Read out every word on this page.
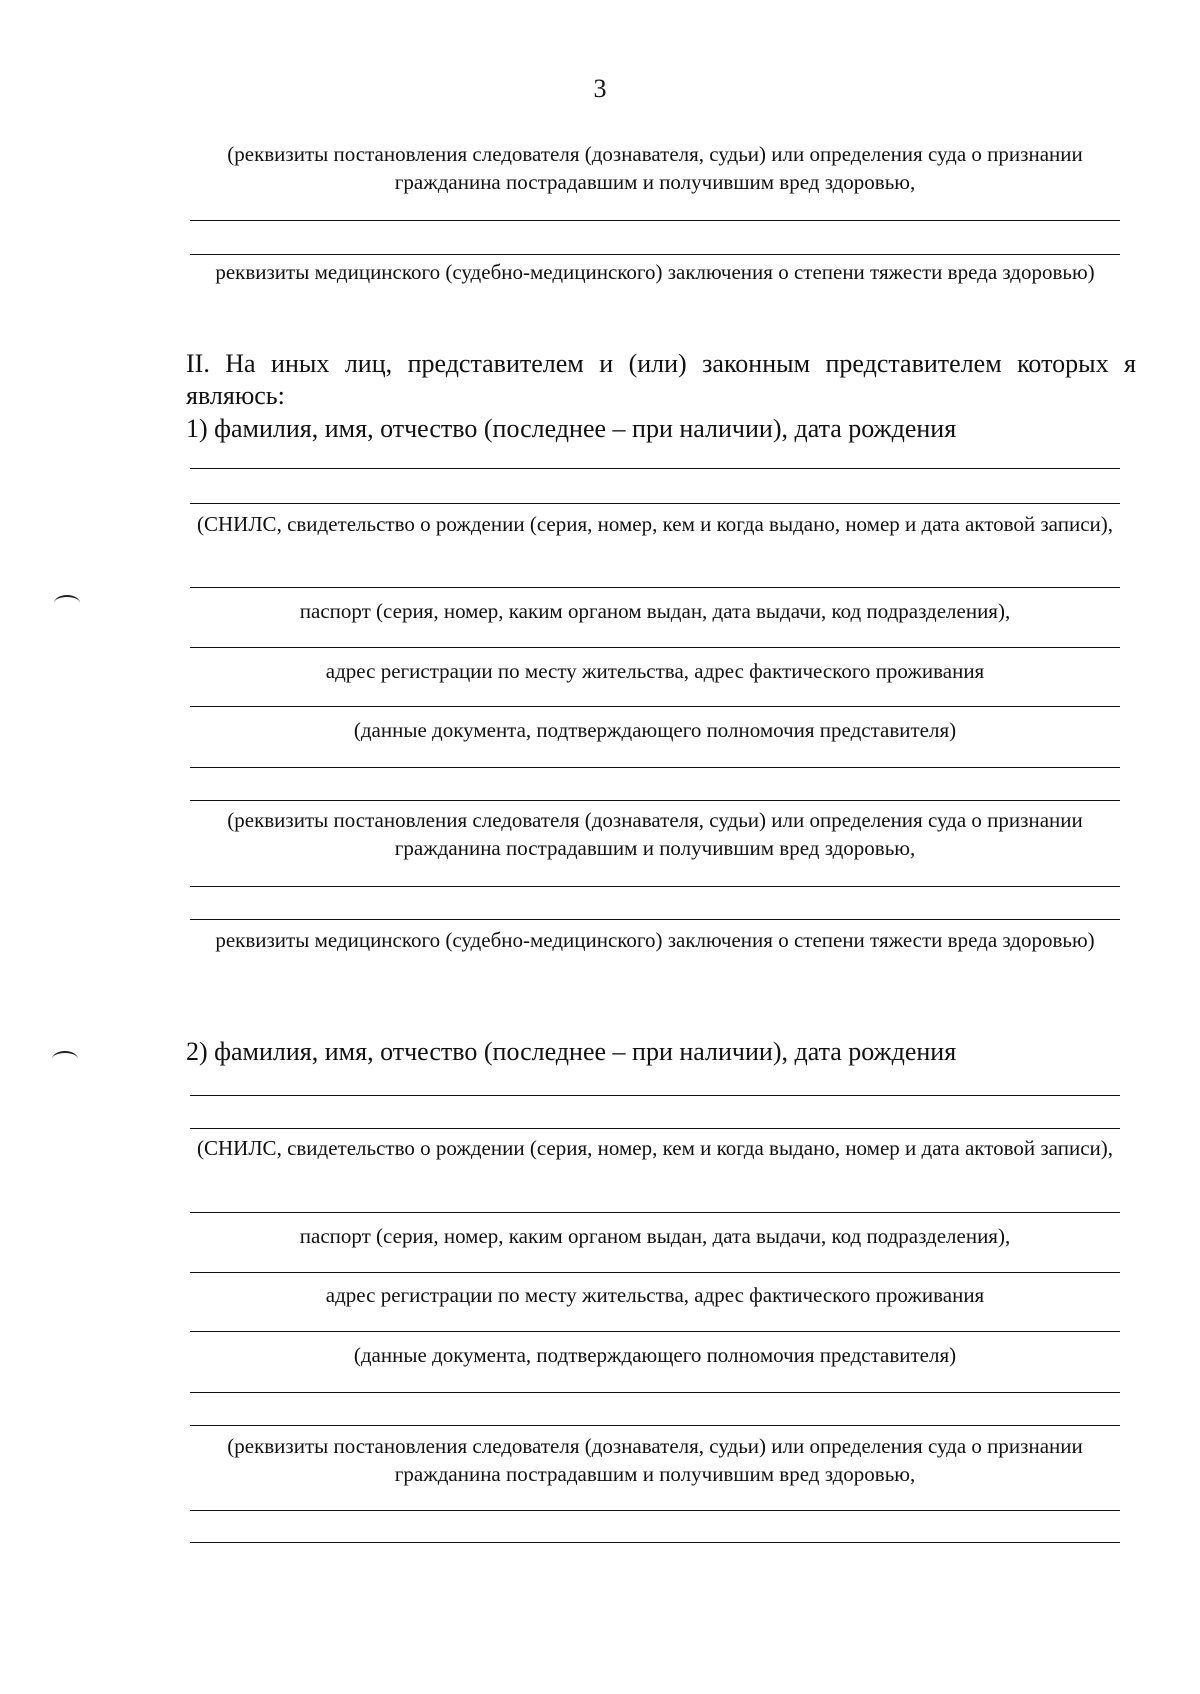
3
(реквизиты постановления следователя (дознавателя, судьи) или определения суда о признании гражданина пострадавшим и получившим вред здоровью,
реквизиты медицинского (судебно-медицинского) заключения о степени тяжести вреда здоровью)
II. На иных лиц, представителем и (или) законным представителем которых я являюсь:
1) фамилия, имя, отчество (последнее – при наличии), дата рождения
(СНИЛС, свидетельство о рождении (серия, номер, кем и когда выдано, номер и дата актовой записи),
паспорт (серия, номер, каким органом выдан, дата выдачи, код подразделения),
адрес регистрации по месту жительства, адрес фактического проживания
(данные документа, подтверждающего полномочия представителя)
(реквизиты постановления следователя (дознавателя, судьи) или определения суда о признании гражданина пострадавшим и получившим вред здоровью,
реквизиты медицинского (судебно-медицинского) заключения о степени тяжести вреда здоровью)
2) фамилия, имя, отчество (последнее – при наличии), дата рождения
(СНИЛС, свидетельство о рождении (серия, номер, кем и когда выдано, номер и дата актовой записи),
паспорт (серия, номер, каким органом выдан, дата выдачи, код подразделения),
адрес регистрации по месту жительства, адрес фактического проживания
(данные документа, подтверждающего полномочия представителя)
(реквизиты постановления следователя (дознавателя, судьи) или определения суда о признании гражданина пострадавшим и получившим вред здоровью,
